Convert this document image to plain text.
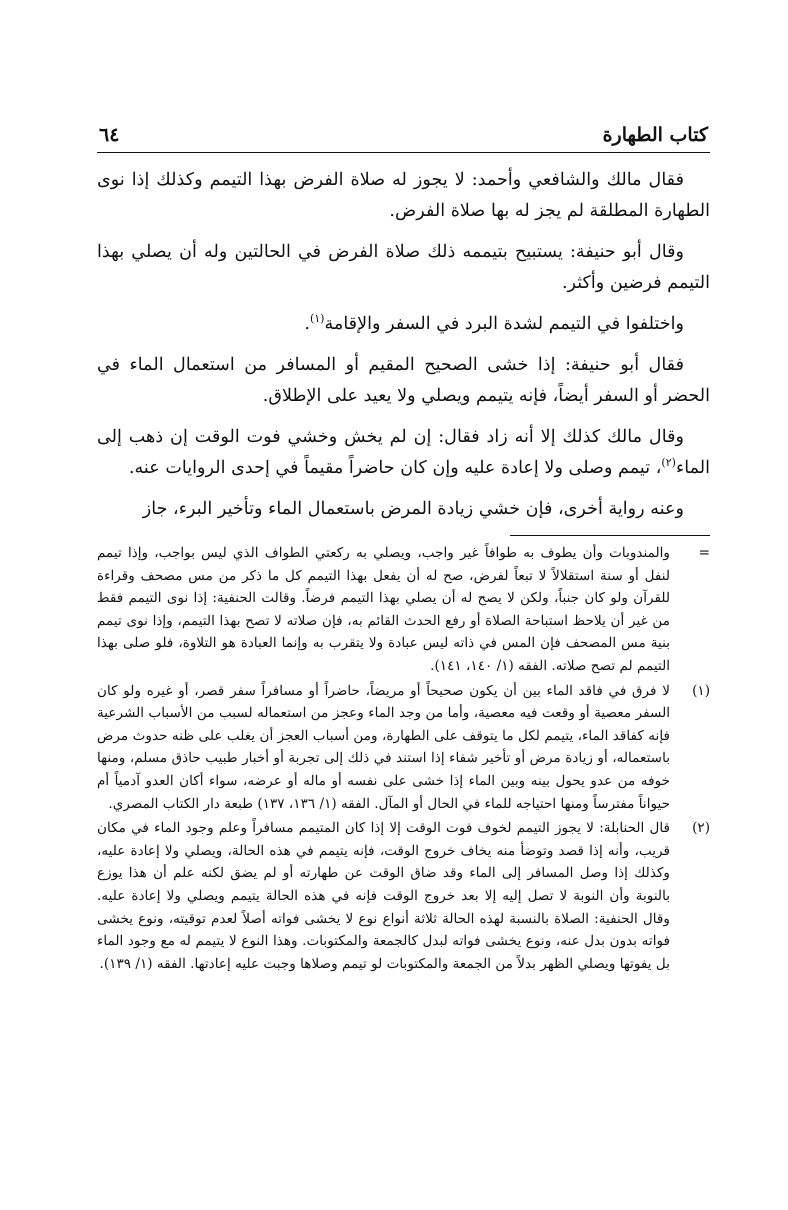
كتاب الطهارة
٦٤

فقال مالك والشافعي وأحمد: لا يجوز له صلاة الفرض بهذا التيمم وكذلك إذا نوى الطهارة المطلقة لم يجز له بها صلاة الفرض.

وقال أبو حنيفة: يستبيح بتيممه ذلك صلاة الفرض في الحالتين وله أن يصلي بهذا التيمم فرضين وأكثر.

واختلفوا في التيمم لشدة البرد في السفر والإقامة$^{(١)}$.

فقال أبو حنيفة: إذا خشى الصحيح المقيم أو المسافر من استعمال الماء في الحضر أو السفر أيضاً، فإنه يتيمم ويصلي ولا يعيد على الإطلاق.

وقال مالك كذلك إلا أنه زاد فقال: إن لم يخش وخشي فوت الوقت إن ذهب إلى الماء$^{(٢)}$، تيمم وصلى ولا إعادة عليه وإن كان حاضراً مقيماً في إحدى الروايات عنه.

وعنه رواية أخرى، فإن خشي زيادة المرض باستعمال الماء وتأخير البرء، جاز

=
والمندوبات وأن يطوف به طوافاً غير واجب، ويصلي به ركعتي الطواف الذي ليس بواجب، وإذا تيمم لنفل أو سنة استقلالاً لا تبعاً لفرض، صح له أن يفعل بهذا التيمم كل ما ذكر من مس مصحف وقراءة للقرآن ولو كان جنباً، ولكن لا يصح له أن يصلي بهذا التيمم فرضاً. وقالت الحنفية: إذا نوى التيمم فقط من غير أن يلاحظ استباحة الصلاة أو رفع الحدث القائم به، فإن صلاته لا تصح بهذا التيمم، وإذا نوى تيمم بنية مس المصحف فإن المس في ذاته ليس عبادة ولا يتقرب به وإنما العبادة هو التلاوة، فلو صلى بهذا التيمم لم تصح صلاته. الفقه (١/ ١٤٠، ١٤١).
(١)
لا فرق في فاقد الماء بين أن يكون صحيحاً أو مريضاً، حاضراً أو مسافراً سفر قصر، أو غيره ولو كان السفر معصية أو وقعت فيه معصية، وأما من وجد الماء وعجز من استعماله لسبب من الأسباب الشرعية فإنه كفاقد الماء، يتيمم لكل ما يتوقف على الطهارة، ومن أسباب العجز أن يغلب على ظنه حدوث مرض باستعماله، أو زيادة مرض أو تأخير شفاء إذا استند في ذلك إلى تجربة أو أخبار طبيب حاذق مسلم، ومنها خوفه من عدو يحول بينه وبين الماء إذا خشى على نفسه أو ماله أو عرضه، سواء أكان العدو آدمياً أم حيواناً مفترساً ومنها احتياجه للماء في الحال أو المآل. الفقه (١/ ١٣٦، ١٣٧) طبعة دار الكتاب المصري.
(٢)
قال الحنابلة: لا يجوز التيمم لخوف فوت الوقت إلا إذا كان المتيمم مسافراً وعلم وجود الماء في مكان قريب، وأنه إذا قصد وتوضأ منه يخاف خروج الوقت، فإنه يتيمم في هذه الحالة، ويصلي ولا إعادة عليه، وكذلك إذا وصل المسافر إلى الماء وقد ضاق الوقت عن طهارته أو لم يضق لكنه علم أن هذا يوزع بالنوبة وأن النوبة لا تصل إليه إلا بعد خروج الوقت فإنه في هذه الحالة يتيمم ويصلي ولا إعادة عليه. وقال الحنفية: الصلاة بالنسبة لهذه الحالة ثلاثة أنواع نوع لا يخشى فواته أصلاً لعدم توقيته، ونوع يخشى فواته بدون بدل عنه، ونوع يخشى فواته لبدل كالجمعة والمكتوبات. وهذا النوع لا يتيمم له مع وجود الماء بل يفوتها ويصلي الظهر بدلاً من الجمعة والمكتوبات لو تيمم وصلاها وجبت عليه إعادتها. الفقه (١/ ١٣٩).
